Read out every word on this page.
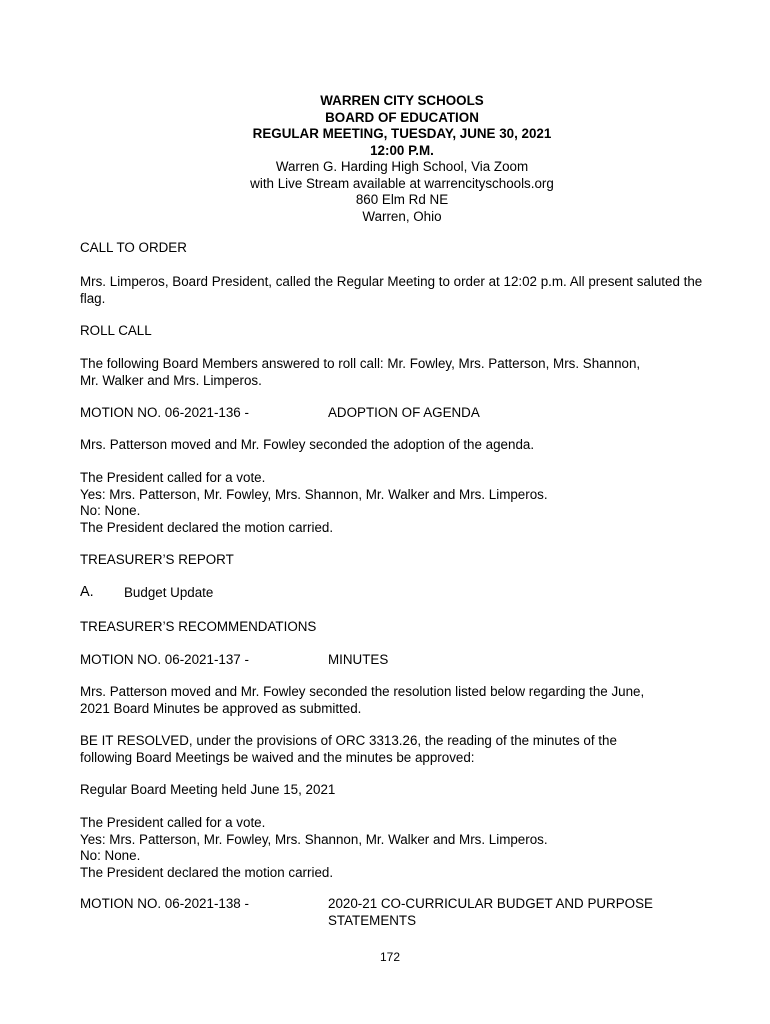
WARREN CITY SCHOOLS
BOARD OF EDUCATION
REGULAR MEETING, TUESDAY, JUNE 30, 2021
12:00 P.M.
Warren G. Harding High School, Via Zoom
with Live Stream available at warrencityschools.org
860 Elm Rd NE
Warren, Ohio
CALL TO ORDER
Mrs. Limperos, Board President, called the Regular Meeting to order at 12:02 p.m. All present saluted the
flag.
ROLL CALL
The following Board Members answered to roll call: Mr. Fowley, Mrs. Patterson, Mrs. Shannon,
Mr. Walker and Mrs. Limperos.
MOTION NO. 06-2021-136 -	ADOPTION OF AGENDA
Mrs. Patterson moved and Mr. Fowley seconded the adoption of the agenda.
The President called for a vote.
Yes: Mrs. Patterson, Mr. Fowley, Mrs. Shannon, Mr. Walker and Mrs. Limperos.
No: None.
The President declared the motion carried.
TREASURER’S REPORT
A. Budget Update
TREASURER’S RECOMMENDATIONS
MOTION NO. 06-2021-137 -	MINUTES
Mrs. Patterson moved and Mr. Fowley seconded the resolution listed below regarding the June,
2021 Board Minutes be approved as submitted.
BE IT RESOLVED, under the provisions of ORC 3313.26, the reading of the minutes of the
following Board Meetings be waived and the minutes be approved:
Regular Board Meeting held June 15, 2021
The President called for a vote.
Yes: Mrs. Patterson, Mr. Fowley, Mrs. Shannon, Mr. Walker and Mrs. Limperos.
No: None.
The President declared the motion carried.
MOTION NO. 06-2021-138 -	2020-21 CO-CURRICULAR BUDGET AND PURPOSE
STATEMENTS
172
